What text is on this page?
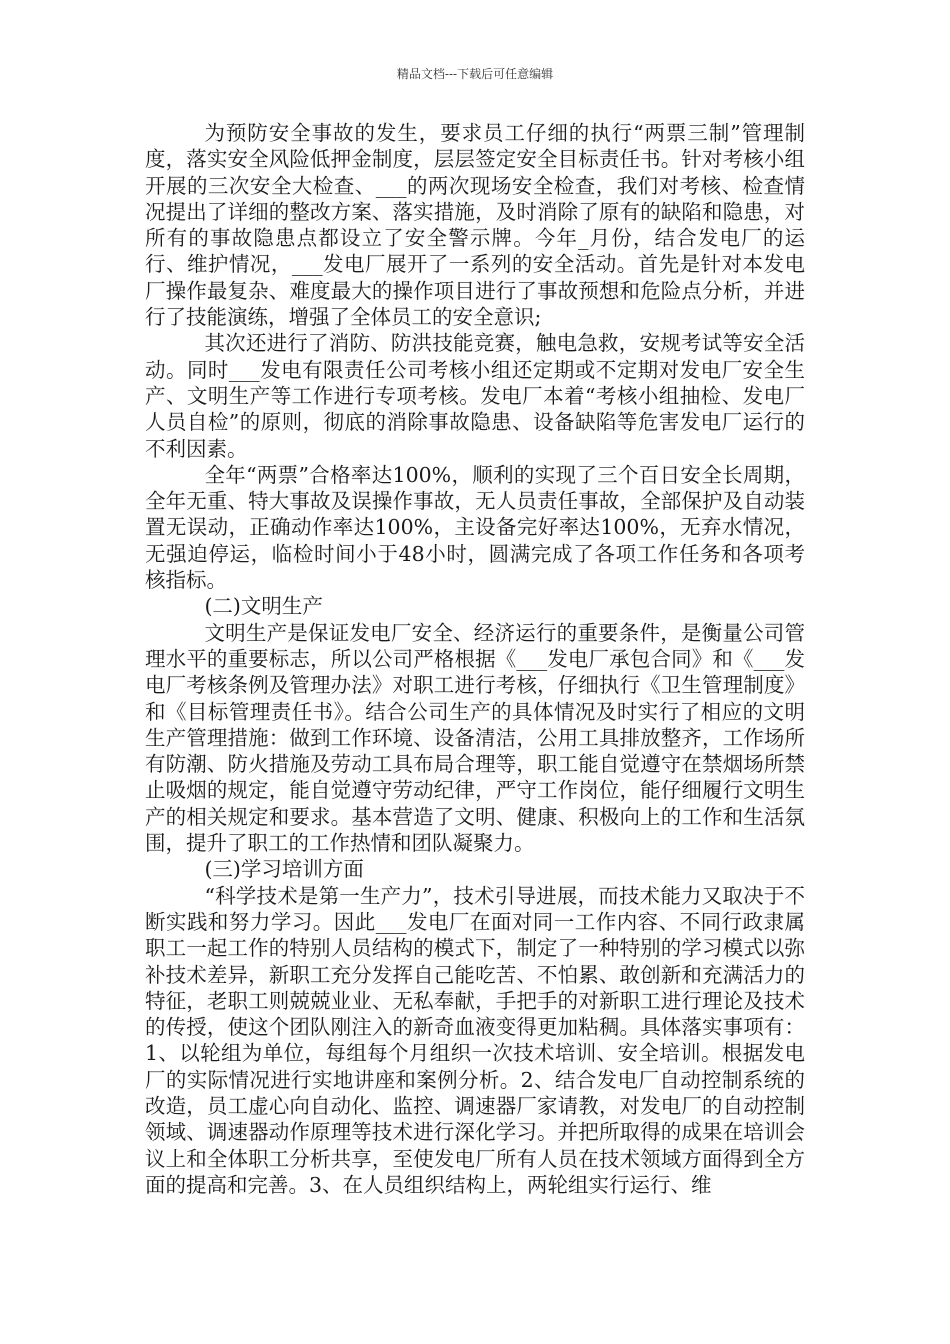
精品文档---下载后可任意编辑

为预防安全事故的发生，要求员工仔细的执行“两票三制”管理制度，落实安全风险低押金制度，层层签定安全目标责任书。针对考核小组开展的三次安全大检查、___的两次现场安全检查，我们对考核、检查情况提出了详细的整改方案、落实措施，及时消除了原有的缺陷和隐患，对所有的事故隐患点都设立了安全警示牌。今年_月份，结合发电厂的运行、维护情况，___发电厂展开了一系列的安全活动。首先是针对本发电厂操作最复杂、难度最大的操作项目进行了事故预想和危险点分析，并进行了技能演练，增强了全体员工的安全意识;

其次还进行了消防、防洪技能竞赛，触电急救，安规考试等安全活动。同时___发电有限责任公司考核小组还定期或不定期对发电厂安全生产、文明生产等工作进行专项考核。发电厂本着“考核小组抽检、发电厂人员自检”的原则，彻底的消除事故隐患、设备缺陷等危害发电厂运行的不利因素。

全年“两票”合格率达100%，顺利的实现了三个百日安全长周期，全年无重、特大事故及误操作事故，无人员责任事故，全部保护及自动装置无误动，正确动作率达100%，主设备完好率达100%，无弃水情况，无强迫停运，临检时间小于48小时，圆满完成了各项工作任务和各项考核指标。

(二)文明生产

文明生产是保证发电厂安全、经济运行的重要条件，是衡量公司管理水平的重要标志，所以公司严格根据《___发电厂承包合同》和《___发电厂考核条例及管理办法》对职工进行考核，仔细执行《卫生管理制度》和《目标管理责任书》。结合公司生产的具体情况及时实行了相应的文明生产管理措施：做到工作环境、设备清洁，公用工具排放整齐，工作场所有防潮、防火措施及劳动工具布局合理等，职工能自觉遵守在禁烟场所禁止吸烟的规定，能自觉遵守劳动纪律，严守工作岗位，能仔细履行文明生产的相关规定和要求。基本营造了文明、健康、积极向上的工作和生活氛围，提升了职工的工作热情和团队凝聚力。

(三)学习培训方面

“科学技术是第一生产力”，技术引导进展，而技术能力又取决于不断实践和努力学习。因此___发电厂在面对同一工作内容、不同行政隶属职工一起工作的特别人员结构的模式下，制定了一种特别的学习模式以弥补技术差异，新职工充分发挥自己能吃苦、不怕累、敢创新和充满活力的特征，老职工则兢兢业业、无私奉献，手把手的对新职工进行理论及技术的传授，使这个团队刚注入的新奇血液变得更加粘稠。具体落实事项有：1、以轮组为单位，每组每个月组织一次技术培训、安全培训。根据发电厂的实际情况进行实地讲座和案例分析。2、结合发电厂自动控制系统的改造，员工虚心向自动化、监控、调速器厂家请教，对发电厂的自动控制领域、调速器动作原理等技术进行深化学习。并把所取得的成果在培训会议上和全体职工分析共享，至使发电厂所有人员在技术领域方面得到全方面的提高和完善。3、在人员组织结构上，两轮组实行运行、维
